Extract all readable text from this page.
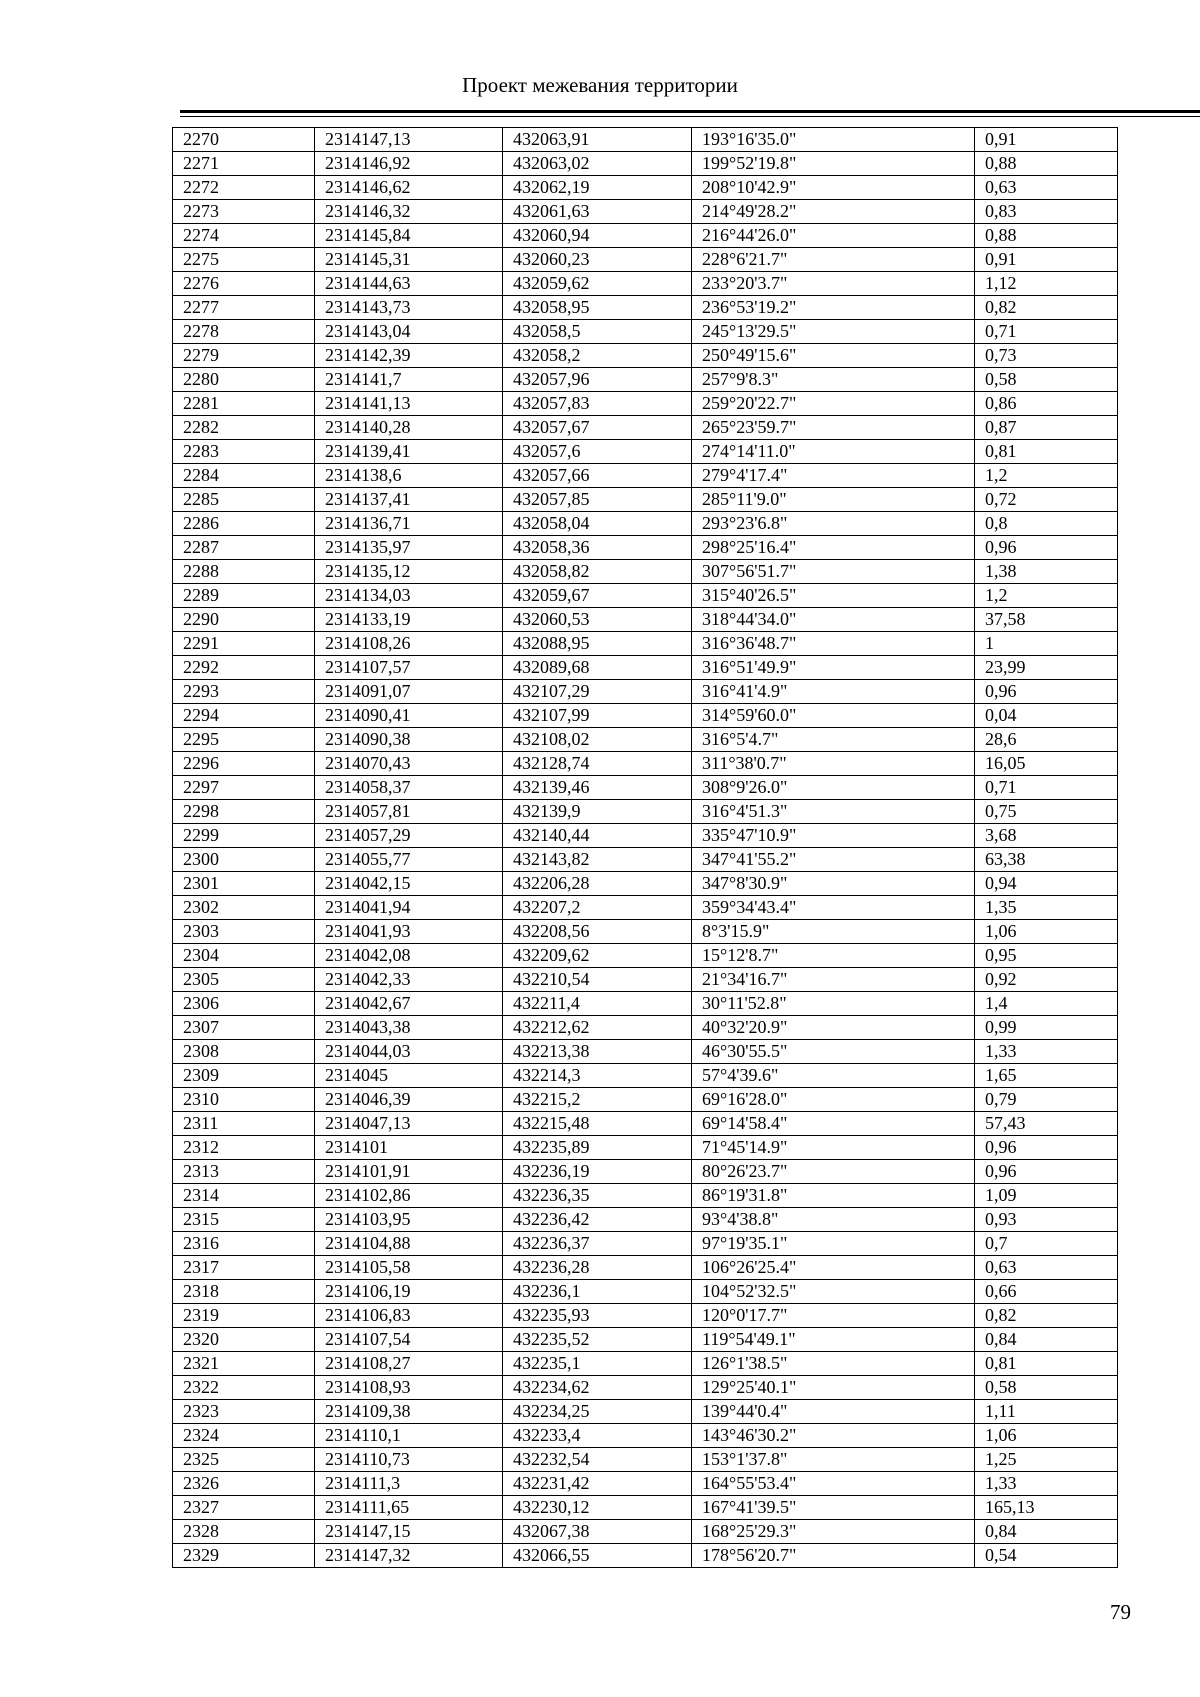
Проект межевания территории
2270	2314147,13	432063,91	193°16'35.0"	0,91
2271	2314146,92	432063,02	199°52'19.8"	0,88
2272	2314146,62	432062,19	208°10'42.9"	0,63
2273	2314146,32	432061,63	214°49'28.2"	0,83
2274	2314145,84	432060,94	216°44'26.0"	0,88
2275	2314145,31	432060,23	228°6'21.7"	0,91
2276	2314144,63	432059,62	233°20'3.7"	1,12
2277	2314143,73	432058,95	236°53'19.2"	0,82
2278	2314143,04	432058,5	245°13'29.5"	0,71
2279	2314142,39	432058,2	250°49'15.6"	0,73
2280	2314141,7	432057,96	257°9'8.3"	0,58
2281	2314141,13	432057,83	259°20'22.7"	0,86
2282	2314140,28	432057,67	265°23'59.7"	0,87
2283	2314139,41	432057,6	274°14'11.0"	0,81
2284	2314138,6	432057,66	279°4'17.4"	1,2
2285	2314137,41	432057,85	285°11'9.0"	0,72
2286	2314136,71	432058,04	293°23'6.8"	0,8
2287	2314135,97	432058,36	298°25'16.4"	0,96
2288	2314135,12	432058,82	307°56'51.7"	1,38
2289	2314134,03	432059,67	315°40'26.5"	1,2
2290	2314133,19	432060,53	318°44'34.0"	37,58
2291	2314108,26	432088,95	316°36'48.7"	1
2292	2314107,57	432089,68	316°51'49.9"	23,99
2293	2314091,07	432107,29	316°41'4.9"	0,96
2294	2314090,41	432107,99	314°59'60.0"	0,04
2295	2314090,38	432108,02	316°5'4.7"	28,6
2296	2314070,43	432128,74	311°38'0.7"	16,05
2297	2314058,37	432139,46	308°9'26.0"	0,71
2298	2314057,81	432139,9	316°4'51.3"	0,75
2299	2314057,29	432140,44	335°47'10.9"	3,68
2300	2314055,77	432143,82	347°41'55.2"	63,38
2301	2314042,15	432206,28	347°8'30.9"	0,94
2302	2314041,94	432207,2	359°34'43.4"	1,35
2303	2314041,93	432208,56	8°3'15.9"	1,06
2304	2314042,08	432209,62	15°12'8.7"	0,95
2305	2314042,33	432210,54	21°34'16.7"	0,92
2306	2314042,67	432211,4	30°11'52.8"	1,4
2307	2314043,38	432212,62	40°32'20.9"	0,99
2308	2314044,03	432213,38	46°30'55.5"	1,33
2309	2314045	432214,3	57°4'39.6"	1,65
2310	2314046,39	432215,2	69°16'28.0"	0,79
2311	2314047,13	432215,48	69°14'58.4"	57,43
2312	2314101	432235,89	71°45'14.9"	0,96
2313	2314101,91	432236,19	80°26'23.7"	0,96
2314	2314102,86	432236,35	86°19'31.8"	1,09
2315	2314103,95	432236,42	93°4'38.8"	0,93
2316	2314104,88	432236,37	97°19'35.1"	0,7
2317	2314105,58	432236,28	106°26'25.4"	0,63
2318	2314106,19	432236,1	104°52'32.5"	0,66
2319	2314106,83	432235,93	120°0'17.7"	0,82
2320	2314107,54	432235,52	119°54'49.1"	0,84
2321	2314108,27	432235,1	126°1'38.5"	0,81
2322	2314108,93	432234,62	129°25'40.1"	0,58
2323	2314109,38	432234,25	139°44'0.4"	1,11
2324	2314110,1	432233,4	143°46'30.2"	1,06
2325	2314110,73	432232,54	153°1'37.8"	1,25
2326	2314111,3	432231,42	164°55'53.4"	1,33
2327	2314111,65	432230,12	167°41'39.5"	165,13
2328	2314147,15	432067,38	168°25'29.3"	0,84
2329	2314147,32	432066,55	178°56'20.7"	0,54
79
